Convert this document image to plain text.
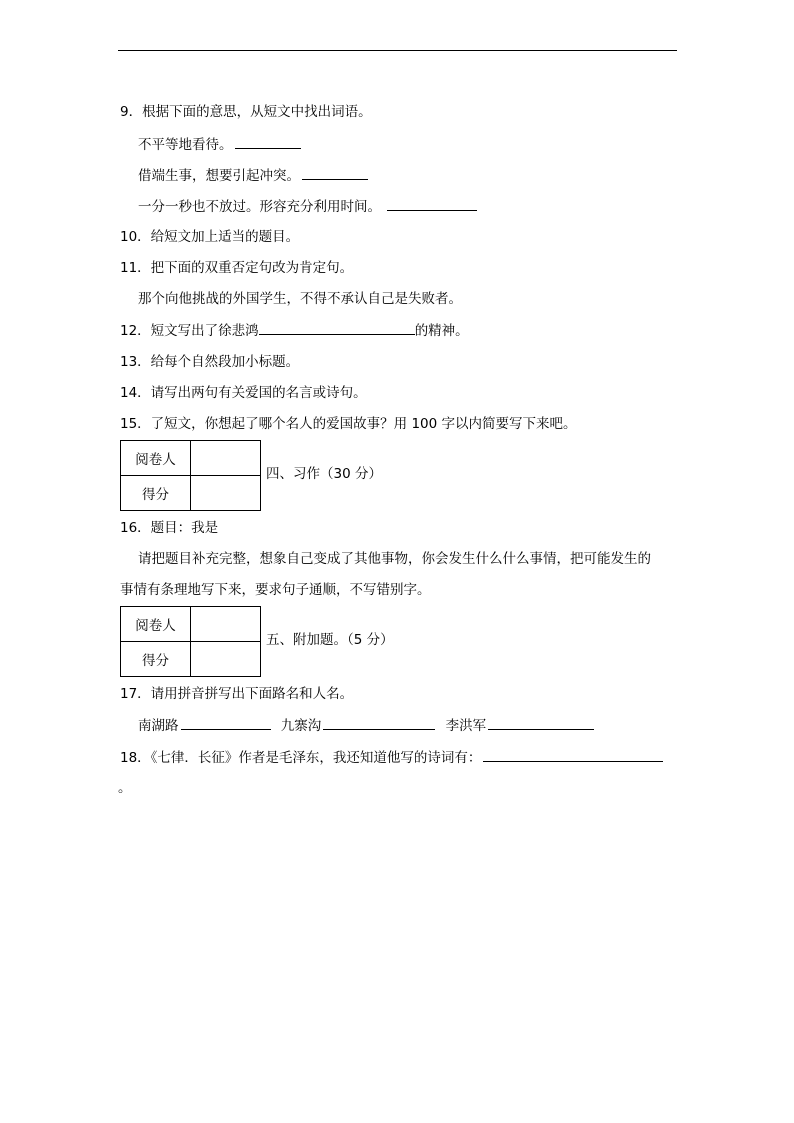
9．根据下面的意思，从短文中找出词语。
不平等地看待。
借端生事，想要引起冲突。
一分一秒也不放过。形容充分利用时间。
10．给短文加上适当的题目。
11．把下面的双重否定句改为肯定句。
那个向他挑战的外国学生，不得不承认自己是失败者。
12．短文写出了徐悲鸿	的精神。
13．给每个自然段加小标题。
14．请写出两句有关爱国的名言或诗句。
15．了短文，你想起了哪个名人的爱国故事？用 100 字以内简要写下来吧。
阅卷人	
得分	
四、习作（30 分）
16．题目：我是
请把题目补充完整，想象自己变成了其他事物，你会发生什么什么事情，把可能发生的
事情有条理地写下来，要求句子通顺，不写错别字。
阅卷人	
得分	
五、附加题。（5 分）
17．请用拼音拼写出下面路名和人名。
南湖路	九寨沟	李洪军
18．《七律．长征》作者是毛泽东，我还知道他写的诗词有：
。
